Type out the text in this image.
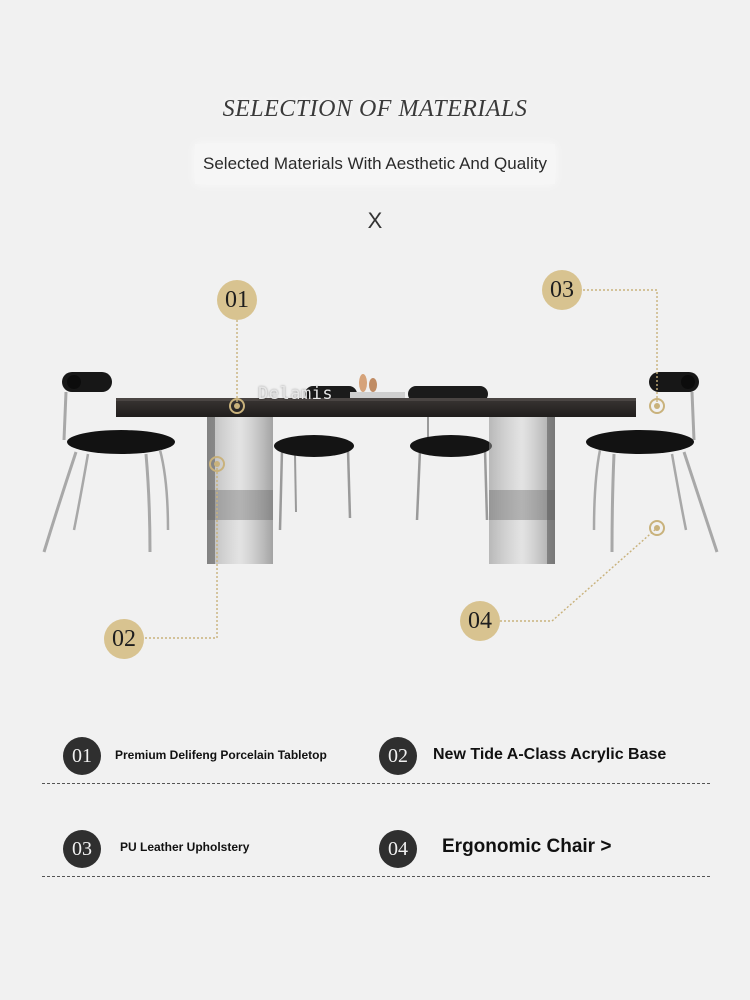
SELECTION OF MATERIALS
Selected Materials With Aesthetic And Quality
X
Delamis
01
02
03
04
01	Premium Delifeng Porcelain Tabletop	02	New Tide A-Class Acrylic Base
03	PU Leather Upholstery	04	Ergonomic Chair >
